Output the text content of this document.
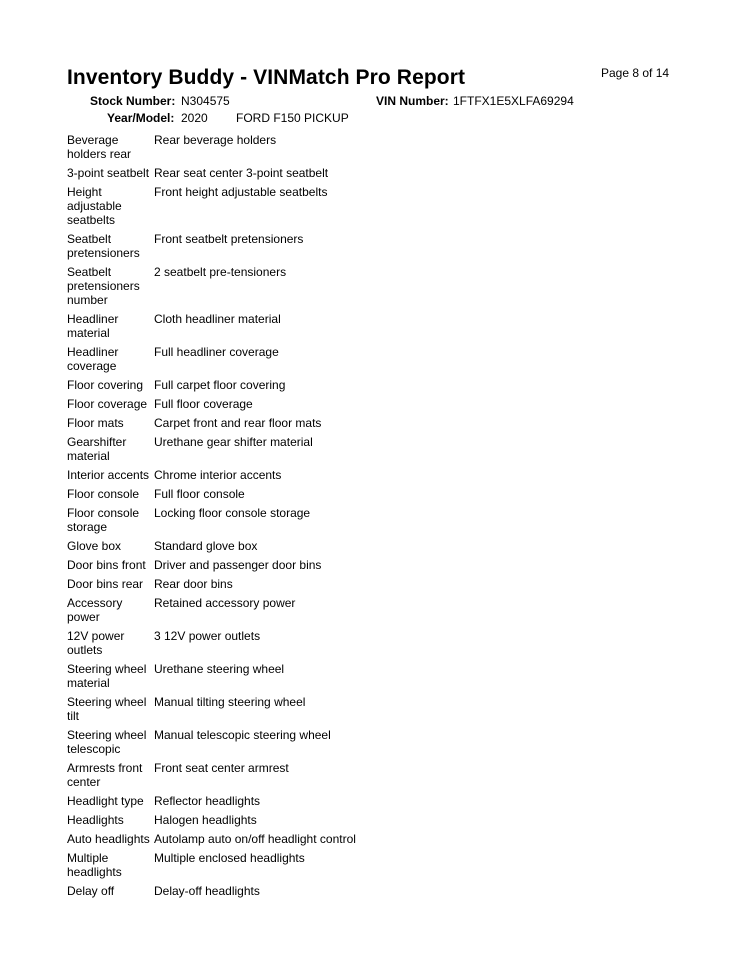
Inventory Buddy - VINMatch Pro Report	Page 8 of 14
Stock Number: N304575	VIN Number: 1FTFX1E5XLFA69294
Year/Model: 2020 FORD F150 PICKUP
Beverage holders rear	Rear beverage holders
3-point seatbelt	Rear seat center 3-point seatbelt
Height adjustable seatbelts	Front height adjustable seatbelts
Seatbelt pretensioners	Front seatbelt pretensioners
Seatbelt pretensioners number	2 seatbelt pre-tensioners
Headliner material	Cloth headliner material
Headliner coverage	Full headliner coverage
Floor covering	Full carpet floor covering
Floor coverage	Full floor coverage
Floor mats	Carpet front and rear floor mats
Gearshifter material	Urethane gear shifter material
Interior accents	Chrome interior accents
Floor console	Full floor console
Floor console storage	Locking floor console storage
Glove box	Standard glove box
Door bins front	Driver and passenger door bins
Door bins rear	Rear door bins
Accessory power	Retained accessory power
12V power outlets	3 12V power outlets
Steering wheel material	Urethane steering wheel
Steering wheel tilt	Manual tilting steering wheel
Steering wheel telescopic	Manual telescopic steering wheel
Armrests front center	Front seat center armrest
Headlight type	Reflector headlights
Headlights	Halogen headlights
Auto headlights	Autolamp auto on/off headlight control
Multiple headlights	Multiple enclosed headlights
Delay off	Delay-off headlights
